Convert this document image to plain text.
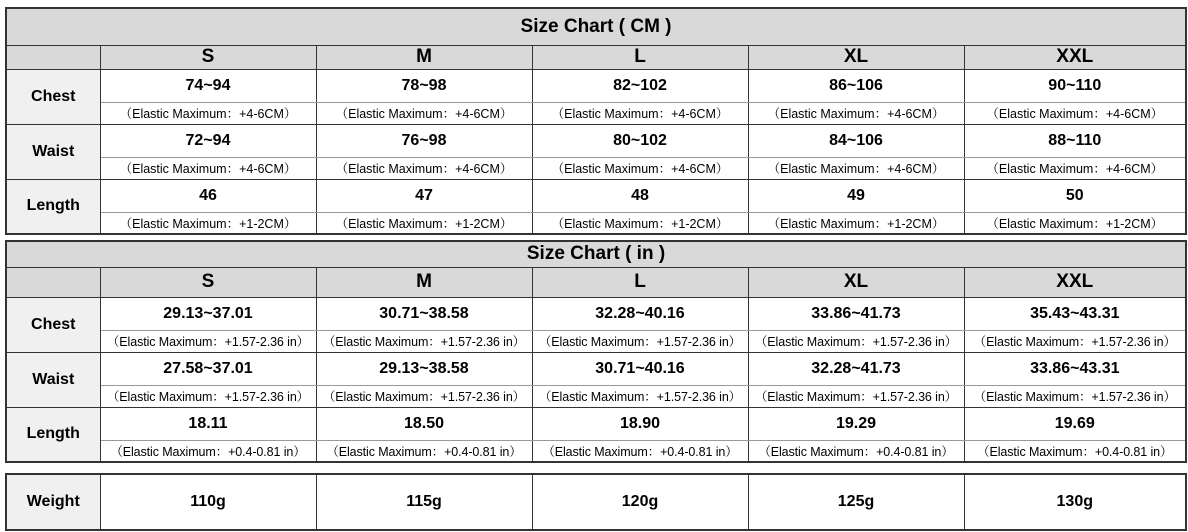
Size Chart ( CM )					
	S	M	L	XL	XXL
Chest	74~94	78~98	82~102	86~106	90~110
	（Elastic Maximum：+4-6CM）	（Elastic Maximum：+4-6CM）	（Elastic Maximum：+4-6CM）	（Elastic Maximum：+4-6CM）	（Elastic Maximum：+4-6CM）
Waist	72~94	76~98	80~102	84~106	88~110
	（Elastic Maximum：+4-6CM）	（Elastic Maximum：+4-6CM）	（Elastic Maximum：+4-6CM）	（Elastic Maximum：+4-6CM）	（Elastic Maximum：+4-6CM）
Length	46	47	48	49	50
	（Elastic Maximum：+1-2CM）	（Elastic Maximum：+1-2CM）	（Elastic Maximum：+1-2CM）	（Elastic Maximum：+1-2CM）	（Elastic Maximum：+1-2CM）
Size Chart ( in )					
	S	M	L	XL	XXL
Chest	29.13~37.01	30.71~38.58	32.28~40.16	33.86~41.73	35.43~43.31
	（Elastic Maximum：+1.57-2.36 in）	（Elastic Maximum：+1.57-2.36 in）	（Elastic Maximum：+1.57-2.36 in）	（Elastic Maximum：+1.57-2.36 in）	（Elastic Maximum：+1.57-2.36 in）
Waist	27.58~37.01	29.13~38.58	30.71~40.16	32.28~41.73	33.86~43.31
	（Elastic Maximum：+1.57-2.36 in）	（Elastic Maximum：+1.57-2.36 in）	（Elastic Maximum：+1.57-2.36 in）	（Elastic Maximum：+1.57-2.36 in）	（Elastic Maximum：+1.57-2.36 in）
Length	18.11	18.50	18.90	19.29	19.69
	（Elastic Maximum：+0.4-0.81 in）	（Elastic Maximum：+0.4-0.81 in）	（Elastic Maximum：+0.4-0.81 in）	（Elastic Maximum：+0.4-0.81 in）	（Elastic Maximum：+0.4-0.81 in）
Weight	110g	115g	120g	125g	130g
